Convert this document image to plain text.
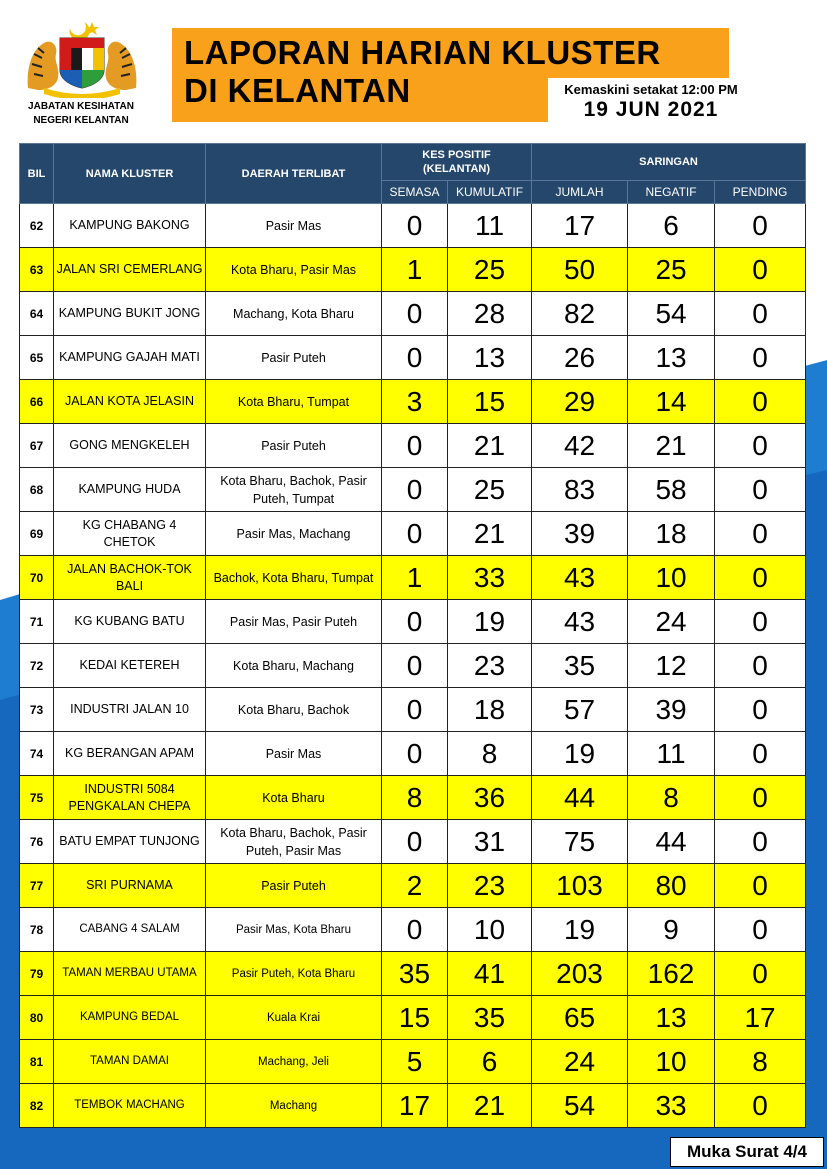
JABATAN KESIHATAN
NEGERI KELANTAN
LAPORAN HARIAN KLUSTER
DI KELANTAN	Kemaskini setakat 12:00 PM
19 JUN 2021
BIL	NAMA KLUSTER	DAERAH TERLIBAT	KES POSITIF (KELANTAN)		SARINGAN		
			SEMASA	KUMULATIF	JUMLAH	NEGATIF	PENDING
62	KAMPUNG BAKONG	Pasir Mas	0	11	17	6	0
63	JALAN SRI CEMERLANG	Kota Bharu, Pasir Mas	1	25	50	25	0
64	KAMPUNG BUKIT JONG	Machang, Kota Bharu	0	28	82	54	0
65	KAMPUNG GAJAH MATI	Pasir Puteh	0	13	26	13	0
66	JALAN KOTA JELASIN	Kota Bharu, Tumpat	3	15	29	14	0
67	GONG MENGKELEH	Pasir Puteh	0	21	42	21	0
68	KAMPUNG HUDA	Kota Bharu, Bachok, Pasir Puteh, Tumpat	0	25	83	58	0
69	KG CHABANG 4 CHETOK	Pasir Mas, Machang	0	21	39	18	0
70	JALAN BACHOK-TOK BALI	Bachok, Kota Bharu, Tumpat	1	33	43	10	0
71	KG KUBANG BATU	Pasir Mas, Pasir Puteh	0	19	43	24	0
72	KEDAI KETEREH	Kota Bharu, Machang	0	23	35	12	0
73	INDUSTRI JALAN 10	Kota Bharu, Bachok	0	18	57	39	0
74	KG BERANGAN APAM	Pasir Mas	0	8	19	11	0
75	INDUSTRI 5084 PENGKALAN CHEPA	Kota Bharu	8	36	44	8	0
76	BATU EMPAT TUNJONG	Kota Bharu, Bachok, Pasir Puteh, Pasir Mas	0	31	75	44	0
77	SRI PURNAMA	Pasir Puteh	2	23	103	80	0
78	CABANG 4 SALAM	Pasir Mas, Kota Bharu	0	10	19	9	0
79	TAMAN MERBAU UTAMA	Pasir Puteh, Kota Bharu	35	41	203	162	0
80	KAMPUNG BEDAL	Kuala Krai	15	35	65	13	17
81	TAMAN DAMAI	Machang, Jeli	5	6	24	10	8
82	TEMBOK MACHANG	Machang	17	21	54	33	0
Muka Surat 4/4
